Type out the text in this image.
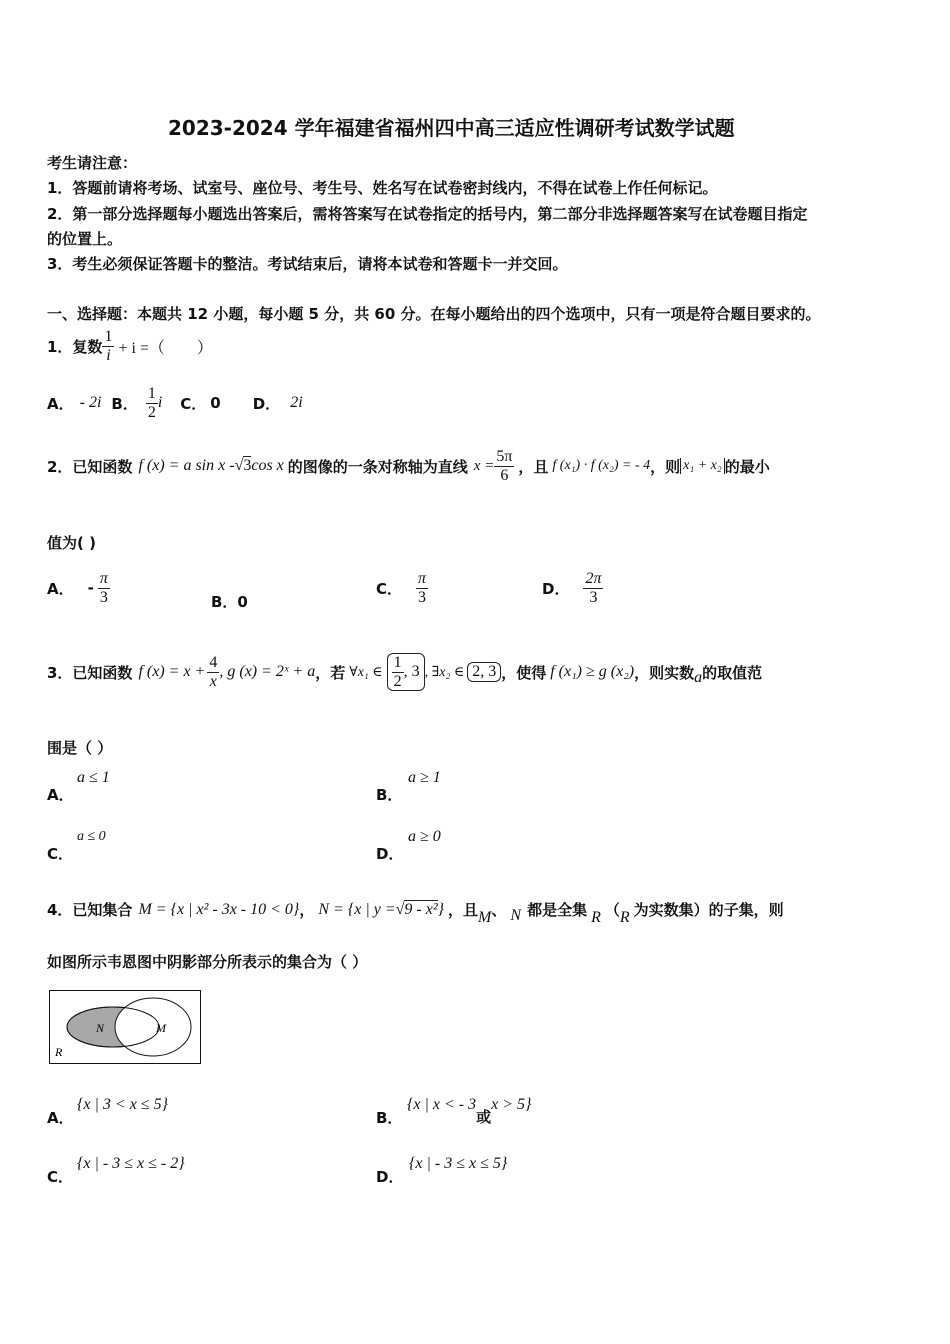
2023-2024 学年福建省福州四中高三适应性调研考试数学试题
考生请注意：
1．答题前请将考场、试室号、座位号、考生号、姓名写在试卷密封线内，不得在试卷上作任何标记。
2．第一部分选择题每小题选出答案后，需将答案写在试卷指定的括号内，第二部分非选择题答案写在试卷题目指定
的位置上。
3．考生必须保证答题卡的整洁。考试结束后，请将本试卷和答题卡一并交回。
一、选择题：本题共 12 小题，每小题 5 分，共 60 分。在每小题给出的四个选项中，只有一项是符合题目要求的。
1．复数 $\frac{1}{i} + i$ =（　　）
A． - 2i B． $\frac{1}{2}$ i C． 0 D． 2i
2．已知函数 f (x) = a sin x - √3 cos x 的图像的一条对称轴为直线 $x = \frac{5\pi}{6}$ ，且 f (x₁) · f (x₂) = - 4 ，则 x₁ + x₂ 的最小
值为( )
A． - $\frac{\pi}{3}$	B．0
C． $\frac{\pi}{3}$	D． $\frac{2\pi}{3}$
3．已知函数 f $(x) = x + \frac{4}{x}$ , g (x) = 2ˣ + a ，若 ∀x₁ ∈ $\frac{1}{2}$ , 3 , ∃x₂ ∈ 2, 3 ，使得 f (x₁) ≥ g (x₂) ，则实数 a 的取值范
围是（ ）
A．
a ≤ 1
B．
a ≥ 1
C．
a ≤ 0
D．
a ≥ 0
4．已知集合 M = {x | x² - 3x - 10 < 0} ， N = {x | y = √9 - x² } ，且 M 、 N 都是全集 R （ R 为实数集）的子集，则
如图所示韦恩图中阴影部分所表示的集合为（ ）
N	M
R
A．
{x | 3 < x ≤ 5}
B．
{x | x < - 3
或
x > 5}
C．
{x | - 3 ≤ x ≤ - 2}
D．
{x | - 3 ≤ x ≤ 5}
